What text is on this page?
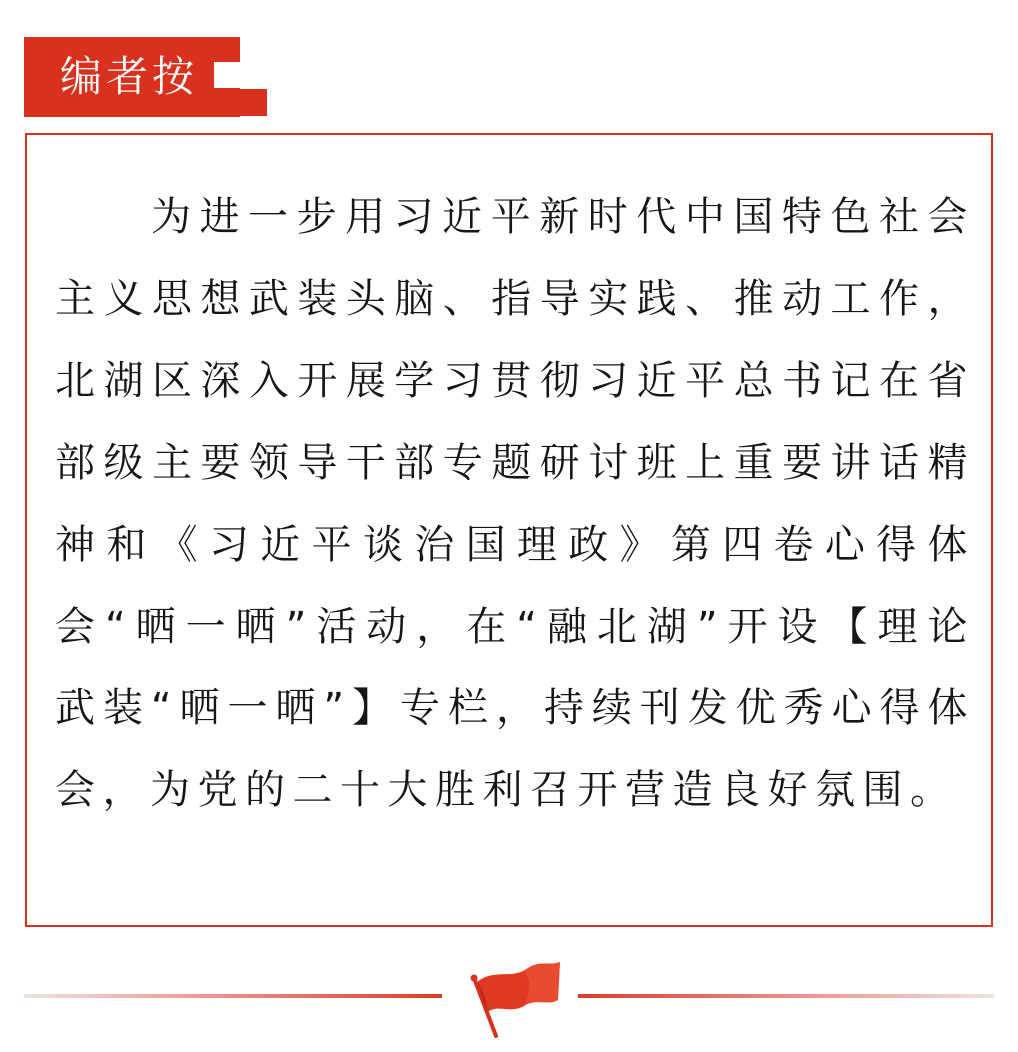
编者按

为进一步用习近平新时代中国特色社会主义思想武装头脑、指导实践、推动工作，北湖区深入开展学习贯彻习近平总书记在省部级主要领导干部专题研讨班上重要讲话精神和《习近平谈治国理政》第四卷心得体会“晒一晒”活动，在“融北湖”开设【理论武装“晒一晒”】专栏，持续刊发优秀心得体会，为党的二十大胜利召开营造良好氛围。
